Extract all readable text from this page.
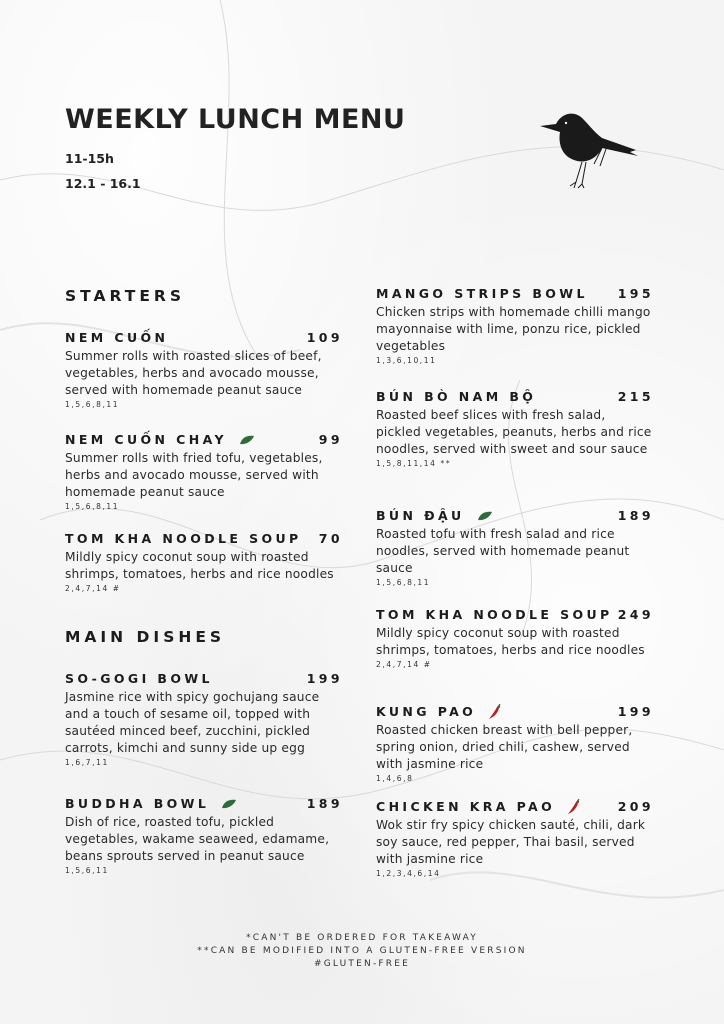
WEEKLY LUNCH MENU
11-15h
12.1 - 16.1
STARTERS
NEM CUỐN	109
Summer rolls with roasted slices of beef, vegetables, herbs and avocado mousse, served with homemade peanut sauce
1,5,6,8,11
NEM CUỐN CHAY	99
Summer rolls with fried tofu, vegetables, herbs and avocado mousse, served with homemade peanut sauce
1,5,6,8,11
TOM KHA NOODLE SOUP 70
Mildly spicy coconut soup with roasted shrimps, tomatoes, herbs and rice noodles
2,4,7,14 #
MAIN DISHES
SO-GOGI BOWL	199
Jasmine rice with spicy gochujang sauce and a touch of sesame oil, topped with sautéed minced beef, zucchini, pickled carrots, kimchi and sunny side up egg
1,6,7,11
BUDDHA BOWL	189
Dish of rice, roasted tofu, pickled vegetables, wakame seaweed, edamame, beans sprouts served in peanut sauce
1,5,6,11
MANGO STRIPS BOWL 195
Chicken strips with homemade chilli mango mayonnaise with lime, ponzu rice, pickled vegetables
1,3,6,10,11
BÚN BÒ NAM BỘ	215
Roasted beef slices with fresh salad, pickled vegetables, peanuts, herbs and rice noodles, served with sweet and sour sauce
1,5,8,11,14 **
BÚN ĐẬU	189
Roasted tofu with fresh salad and rice noodles, served with homemade peanut sauce
1,5,6,8,11
TOM KHA NOODLE SOUP 249
Mildly spicy coconut soup with roasted shrimps, tomatoes, herbs and rice noodles
2,4,7,14 #
KUNG PAO	199
Roasted chicken breast with bell pepper, spring onion, dried chili, cashew, served with jasmine rice
1,4,6,8
CHICKEN KRA PAO	209
Wok stir fry spicy chicken sauté, chili, dark soy sauce, red pepper, Thai basil, served with jasmine rice
1,2,3,4,6,14
*CAN'T BE ORDERED FOR TAKEAWAY
**CAN BE MODIFIED INTO A GLUTEN-FREE VERSION
#GLUTEN-FREE
